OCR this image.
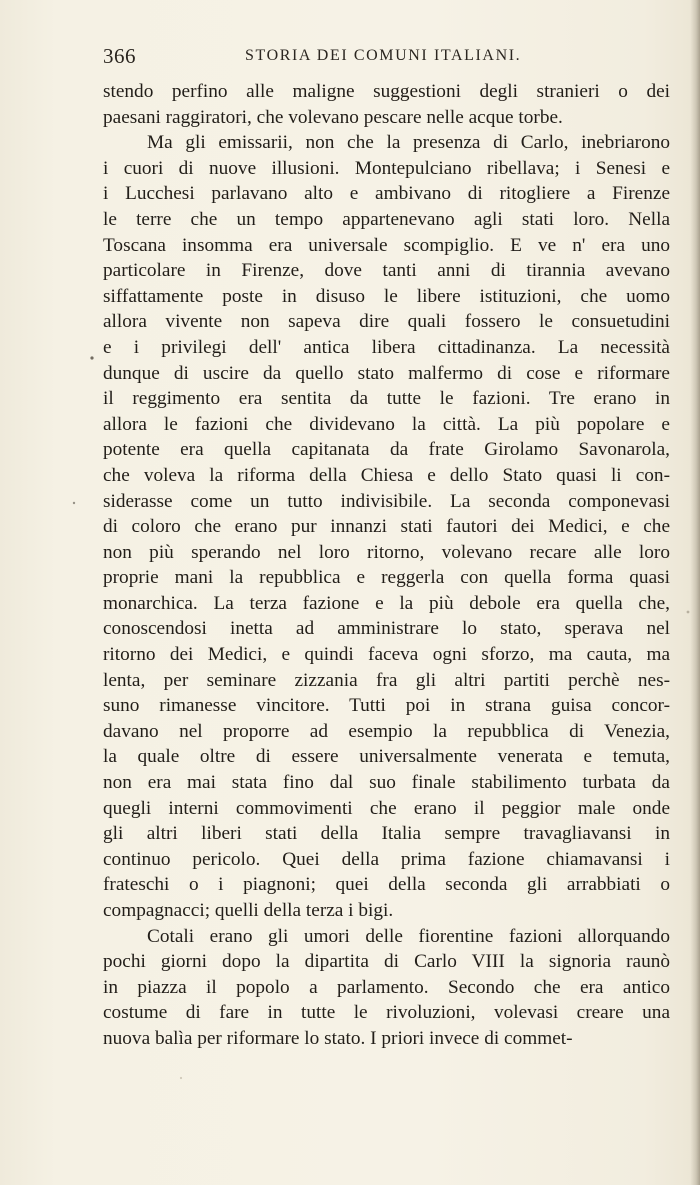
366	STORIA DEI COMUNI ITALIANI.
stendo perfino alle maligne suggestioni degli stranieri o dei
paesani raggiratori, che volevano pescare nelle acque torbe.
Ma gli emissarii, non che la presenza di Carlo, inebriarono
i cuori di nuove illusioni. Montepulciano ribellava; i Senesi e
i Lucchesi parlavano alto e ambivano di ritogliere a Firenze
le terre che un tempo appartenevano agli stati loro. Nella
Toscana insomma era universale scompiglio. E ve n' era uno
particolare in Firenze, dove tanti anni di tirannia avevano
siffattamente poste in disuso le libere istituzioni, che uomo
allora vivente non sapeva dire quali fossero le consuetudini
e i privilegi dell' antica libera cittadinanza. La necessità
dunque di uscire da quello stato malfermo di cose e riformare
il reggimento era sentita da tutte le fazioni. Tre erano in
allora le fazioni che dividevano la città. La più popolare e
potente era quella capitanata da frate Girolamo Savonarola,
che voleva la riforma della Chiesa e dello Stato quasi li con-
siderasse come un tutto indivisibile. La seconda componevasi
di coloro che erano pur innanzi stati fautori dei Medici, e che
non più sperando nel loro ritorno, volevano recare alle loro
proprie mani la repubblica e reggerla con quella forma quasi
monarchica. La terza fazione e la più debole era quella che,
conoscendosi inetta ad amministrare lo stato, sperava nel
ritorno dei Medici, e quindi faceva ogni sforzo, ma cauta, ma
lenta, per seminare zizzania fra gli altri partiti perchè nes-
suno rimanesse vincitore. Tutti poi in strana guisa concor-
davano nel proporre ad esempio la repubblica di Venezia,
la quale oltre di essere universalmente venerata e temuta,
non era mai stata fino dal suo finale stabilimento turbata da
quegli interni commovimenti che erano il peggior male onde
gli altri liberi stati della Italia sempre travagliavansi in
continuo pericolo. Quei della prima fazione chiamavansi i
frateschi o i piagnoni; quei della seconda gli arrabbiati o
compagnacci; quelli della terza i bigi.
Cotali erano gli umori delle fiorentine fazioni allorquando
pochi giorni dopo la dipartita di Carlo VIII la signoria raunò
in piazza il popolo a parlamento. Secondo che era antico
costume di fare in tutte le rivoluzioni, volevasi creare una
nuova balìa per riformare lo stato. I priori invece di commet-
